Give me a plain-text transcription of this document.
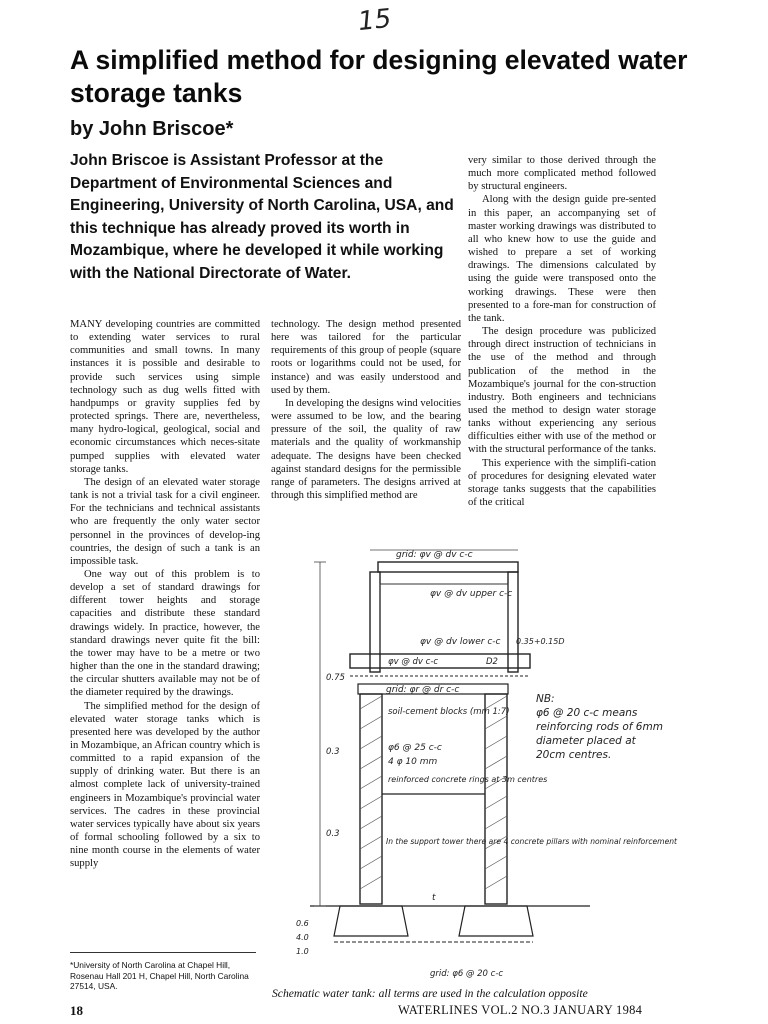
15
A simplified method for designing elevated water storage tanks
by John Briscoe*
John Briscoe is Assistant Professor at the Department of Environmental Sciences and Engineering, University of North Carolina, USA, and this technique has already proved its worth in Mozambique, where he developed it while working with the National Directorate of Water.

MANY developing countries are committed to extending water services to rural communities and small towns. In many instances it is possible and desirable to provide such services using simple technology such as dug wells fitted with handpumps or gravity supplies fed by protected springs. There are, nevertheless, many hydro-logical, geological, social and economic circumstances which neces-sitate pumped supplies with elevated water storage tanks.

The design of an elevated water storage tank is not a trivial task for a civil engineer. For the technicians and technical assistants who are frequently the only water sector personnel in the provinces of develop-ing countries, the design of such a tank is an impossible task.

One way out of this problem is to develop a set of standard drawings for different tower heights and storage capacities and distribute these standard drawings widely. In practice, however, the standard drawings never quite fit the bill: the tower may have to be a metre or two higher than the one in the standard drawing; the circular shutters available may not be of the diameter required by the drawings.

The simplified method for the design of elevated water storage tanks which is presented here was developed by the author in Mozambique, an African country which is committed to a rapid expansion of the supply of drinking water. But there is an almost complete lack of university-trained engineers in Mozambique's provincial water services. The cadres in these provincial water services typically have about six years of formal schooling followed by a six to nine month course in the elements of water supply

technology. The design method presented here was tailored for the particular requirements of this group of people (square roots or logarithms could not be used, for instance) and was easily understood and used by them.

In developing the designs wind velocities were assumed to be low, and the bearing pressure of the soil, the quality of raw materials and the quality of workmanship adequate. The designs have been checked against standard designs for the permissible range of parameters. The designs arrived at through this simplified method are

very similar to those derived through the much more complicated method followed by structural engineers.

Along with the design guide pre-sented in this paper, an accompanying set of master working drawings was distributed to all who knew how to use the guide and wished to prepare a set of working drawings. The dimensions calculated by using the guide were transposed onto the working drawings. These were then presented to a fore-man for construction of the tank.

The design procedure was publicized through direct instruction of technicians in the use of the method and through publication of the method in the Mozambique's journal for the con-struction industry. Both engineers and technicians used the method to design water storage tanks without experiencing any serious difficulties either with use of the method or with the structural performance of the tanks.

This experience with the simplifi-cation of procedures for designing elevated water storage tanks suggests that the capabilities of the critical

grid: φv @ dv c-c
φv @ dv upper c-c
φv @ dv lower c-c
φv @ dv c-c
0.35+0.15D
D2
grid: φr @ dr c-c
soil-cement blocks (mm 1:7)
φ6 @ 25 c-c
4 φ 10 mm
reinforced concrete rings at 3m centres
In the support tower there are 4 concrete pillars with nominal reinforcement
grid: φ6 @ 20 c-c
0.75
0.3
0.3
0.6
4.0
1.0
t
NB:
φ6 @ 20 c-c means reinforcing rods of 6mm diameter placed at 20cm centres.
*University of North Carolina at Chapel Hill, Rosenau Hall 201 H, Chapel Hill, North Carolina 27514, USA.
Schematic water tank: all terms are used in the calculation opposite
18	WATERLINES VOL.2 NO.3 JANUARY 1984
